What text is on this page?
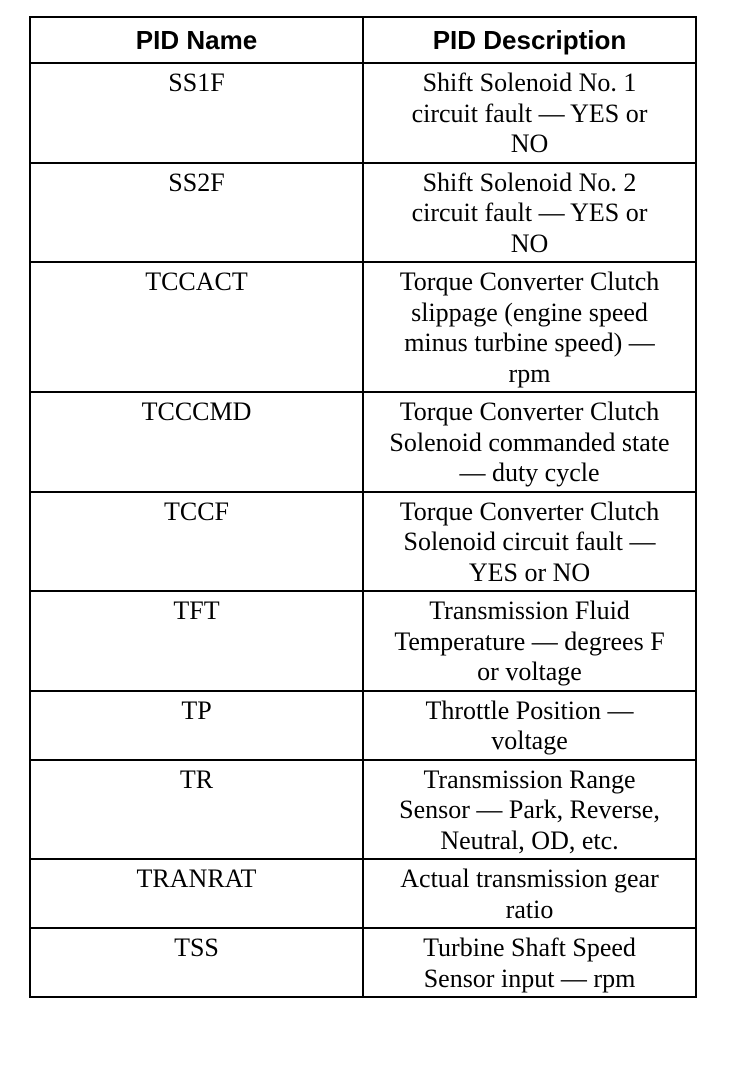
PID Name	PID Description
SS1F	Shift Solenoid No. 1
circuit fault — YES or
NO

SS2F	Shift Solenoid No. 2
circuit fault — YES or
NO

TCCACT	Torque Converter Clutch
slippage (engine speed
minus turbine speed) —
rpm

TCCCMD	Torque Converter Clutch
Solenoid commanded state
— duty cycle

TCCF	Torque Converter Clutch
Solenoid circuit fault —
YES or NO

TFT	Transmission Fluid
Temperature — degrees F
or voltage

TP	Throttle Position —
voltage

TR	Transmission Range
Sensor — Park, Reverse,
Neutral, OD, etc.

TRANRAT	Actual transmission gear
ratio

TSS	Turbine Shaft Speed
Sensor input — rpm
